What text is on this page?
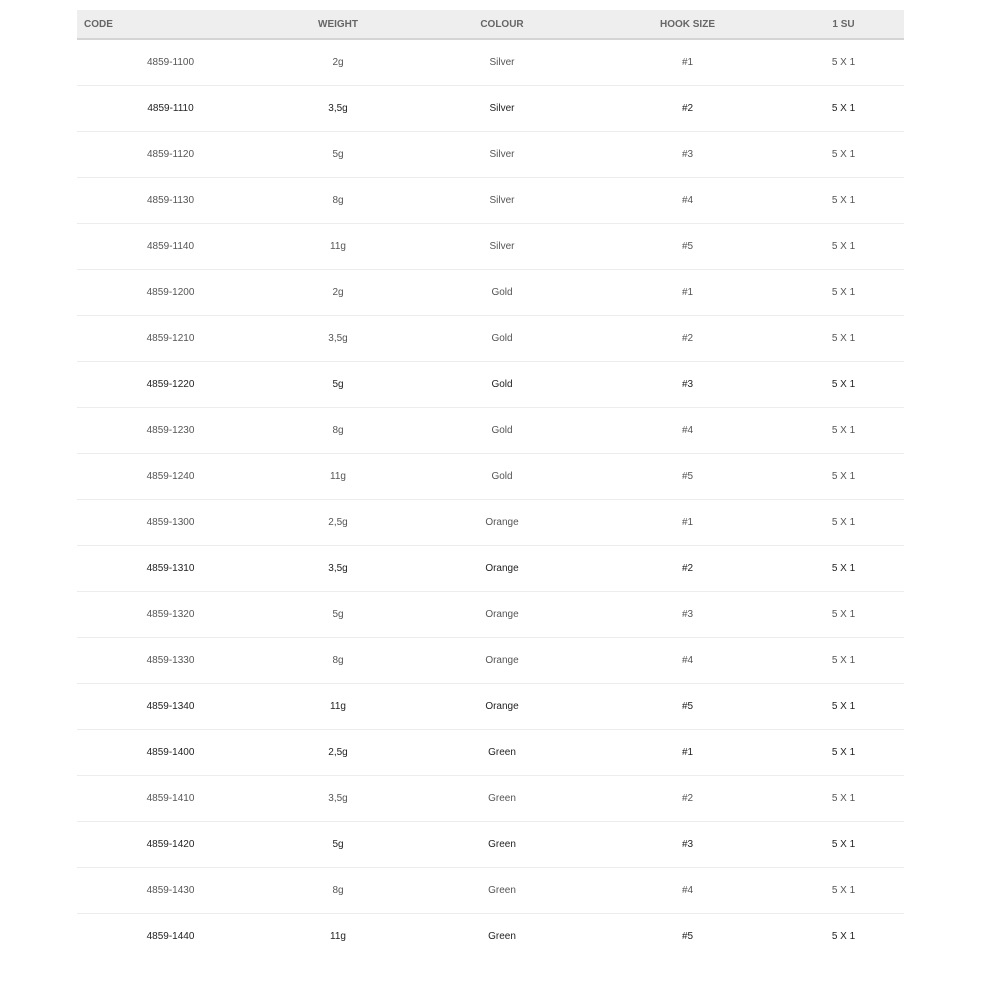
CODE	WEIGHT	COLOUR	HOOK SIZE	1 SU
4859-1100	2g	Silver	#1	5 X 1
4859-1110	3,5g	Silver	#2	5 X 1
4859-1120	5g	Silver	#3	5 X 1
4859-1130	8g	Silver	#4	5 X 1
4859-1140	11g	Silver	#5	5 X 1
4859-1200	2g	Gold	#1	5 X 1
4859-1210	3,5g	Gold	#2	5 X 1
4859-1220	5g	Gold	#3	5 X 1
4859-1230	8g	Gold	#4	5 X 1
4859-1240	11g	Gold	#5	5 X 1
4859-1300	2,5g	Orange	#1	5 X 1
4859-1310	3,5g	Orange	#2	5 X 1
4859-1320	5g	Orange	#3	5 X 1
4859-1330	8g	Orange	#4	5 X 1
4859-1340	11g	Orange	#5	5 X 1
4859-1400	2,5g	Green	#1	5 X 1
4859-1410	3,5g	Green	#2	5 X 1
4859-1420	5g	Green	#3	5 X 1
4859-1430	8g	Green	#4	5 X 1
4859-1440	11g	Green	#5	5 X 1
